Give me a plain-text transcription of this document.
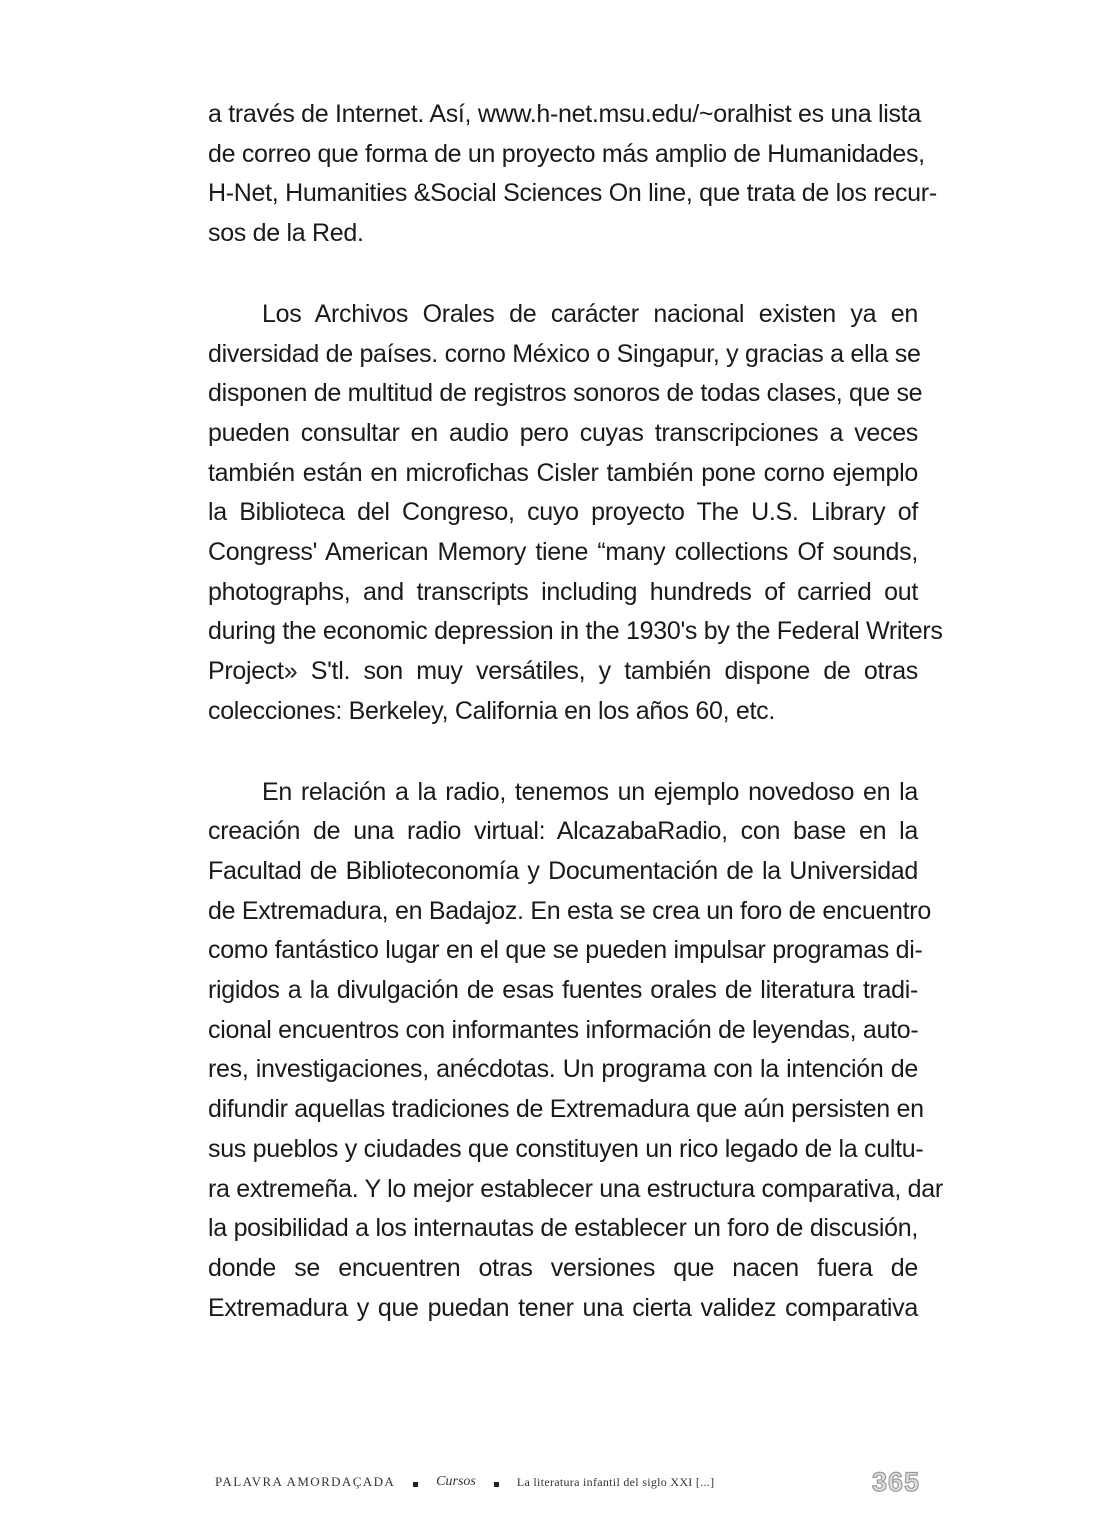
a través de Internet. Así, www.h-net.msu.edu/~oralhist es una lista
de correo que forma de un proyecto más amplio de Humanidades,
H-Net, Humanities &Social Sciences On line, que trata de los recur-
sos de la Red.

Los Archivos Orales de carácter nacional existen ya en
diversidad de países. corno México o Singapur, y gracias a ella se
disponen de multitud de registros sonoros de todas clases, que se
pueden consultar en audio pero cuyas transcripciones a veces
también están en microfichas Cisler también pone corno ejemplo
la Biblioteca del Congreso, cuyo proyecto The U.S. Library of
Congress' American Memory tiene “many collections Of sounds,
photographs, and transcripts including hundreds of carried out
during the economic depression in the 1930's by the Federal Writers
Project» S'tl. son muy versátiles, y también dispone de otras
colecciones: Berkeley, California en los años 60, etc.

En relación a la radio, tenemos un ejemplo novedoso en la
creación de una radio virtual: AlcazabaRadio, con base en la
Facultad de Biblioteconomía y Documentación de la Universidad
de Extremadura, en Badajoz. En esta se crea un foro de encuentro
como fantástico lugar en el que se pueden impulsar programas di-
rigidos a la divulgación de esas fuentes orales de literatura tradi-
cional encuentros con informantes información de leyendas, auto-
res, investigaciones, anécdotas. Un programa con la intención de
difundir aquellas tradiciones de Extremadura que aún persisten en
sus pueblos y ciudades que constituyen un rico legado de la cultu-
ra extremeña. Y lo mejor establecer una estructura comparativa, dar
la posibilidad a los internautas de establecer un foro de discusión,
donde se encuentren otras versiones que nacen fuera de
Extremadura y que puedan tener una cierta validez comparativa

PALAVRA AMORDAÇADA	Cursos	La literatura infantil del siglo XXI [...]	365
